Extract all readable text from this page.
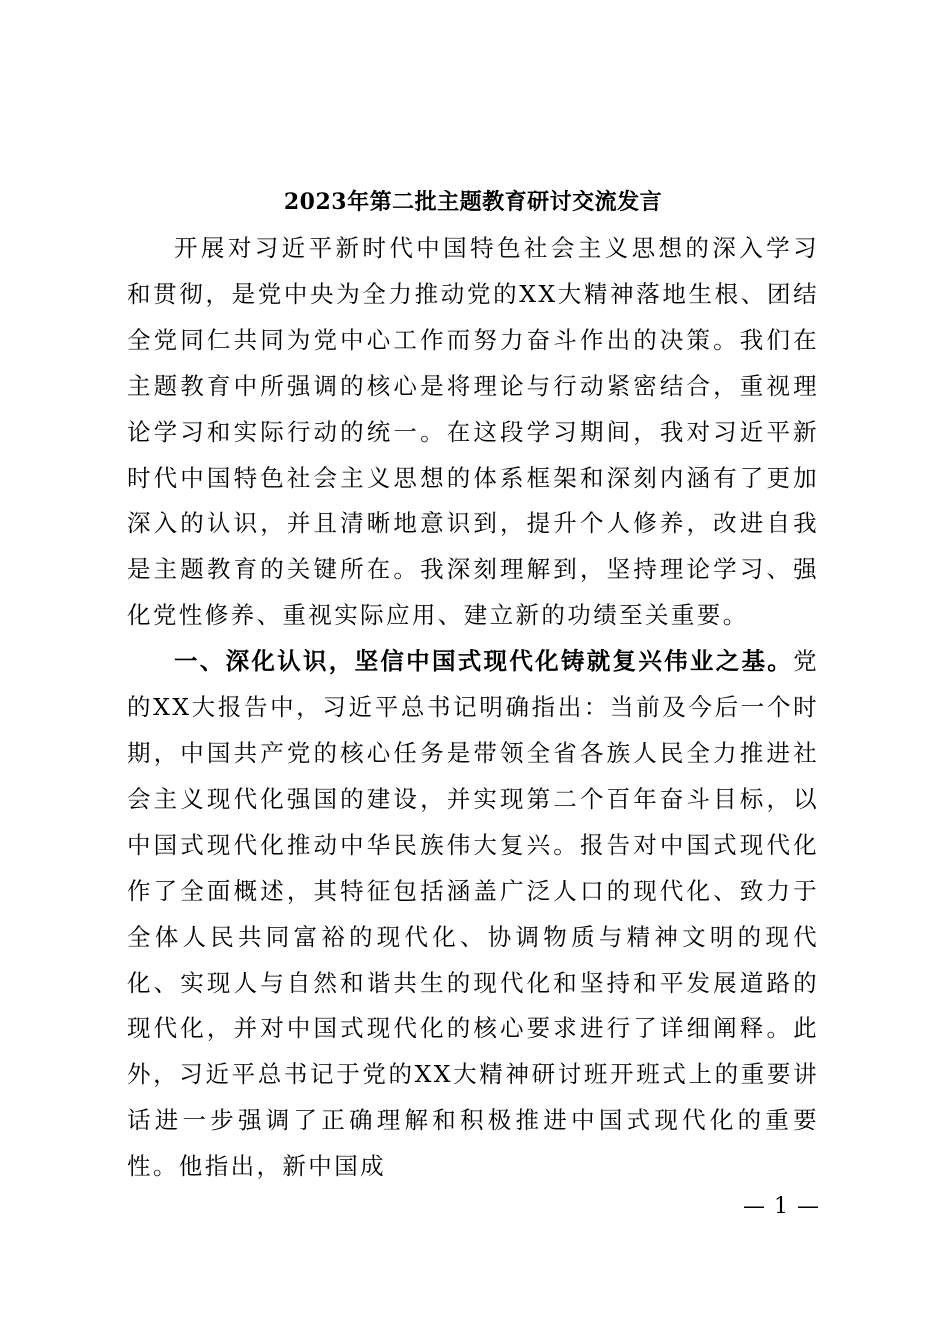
2023年第二批主题教育研讨交流发言

开展对习近平新时代中国特色社会主义思想的深入学习和贯彻，是党中央为全力推动党的XX大精神落地生根、团结全党同仁共同为党中心工作而努力奋斗作出的决策。我们在主题教育中所强调的核心是将理论与行动紧密结合，重视理论学习和实际行动的统一。在这段学习期间，我对习近平新时代中国特色社会主义思想的体系框架和深刻内涵有了更加深入的认识，并且清晰地意识到，提升个人修养，改进自我是主题教育的关键所在。我深刻理解到，坚持理论学习、强化党性修养、重视实际应用、建立新的功绩至关重要。

一、深化认识，坚信中国式现代化铸就复兴伟业之基。党的XX大报告中，习近平总书记明确指出：当前及今后一个时期，中国共产党的核心任务是带领全省各族人民全力推进社会主义现代化强国的建设，并实现第二个百年奋斗目标，以中国式现代化推动中华民族伟大复兴。报告对中国式现代化作了全面概述，其特征包括涵盖广泛人口的现代化、致力于全体人民共同富裕的现代化、协调物质与精神文明的现代化、实现人与自然和谐共生的现代化和坚持和平发展道路的现代化，并对中国式现代化的核心要求进行了详细阐释。此外，习近平总书记于党的XX大精神研讨班开班式上的重要讲话进一步强调了正确理解和积极推进中国式现代化的重要性。他指出，新中国成

— 1 —
